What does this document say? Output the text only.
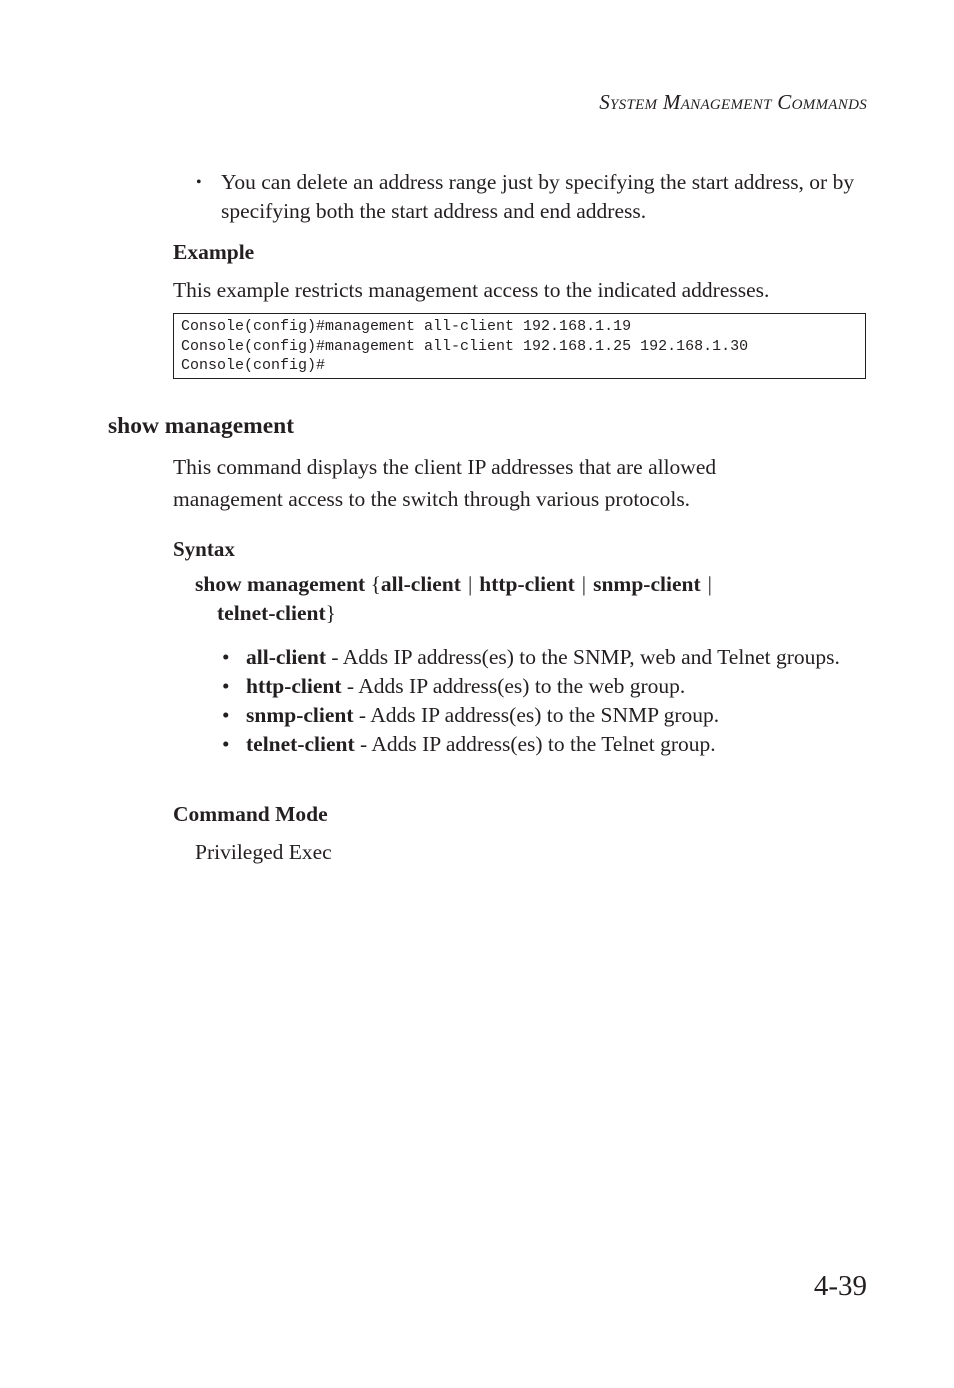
System Management Commands
• You can delete an address range just by specifying the start address, or by specifying both the start address and end address.
Example
This example restricts management access to the indicated addresses.
Console(config)#management all-client 192.168.1.19
Console(config)#management all-client 192.168.1.25 192.168.1.30
Console(config)#
show management
This command displays the client IP addresses that are allowed management access to the switch through various protocols.
Syntax
show management {all-client | http-client | snmp-client |
telnet-client}
• all-client - Adds IP address(es) to the SNMP, web and Telnet groups.
• http-client - Adds IP address(es) to the web group.
• snmp-client - Adds IP address(es) to the SNMP group.
• telnet-client - Adds IP address(es) to the Telnet group.
Command Mode
Privileged Exec
4-39
